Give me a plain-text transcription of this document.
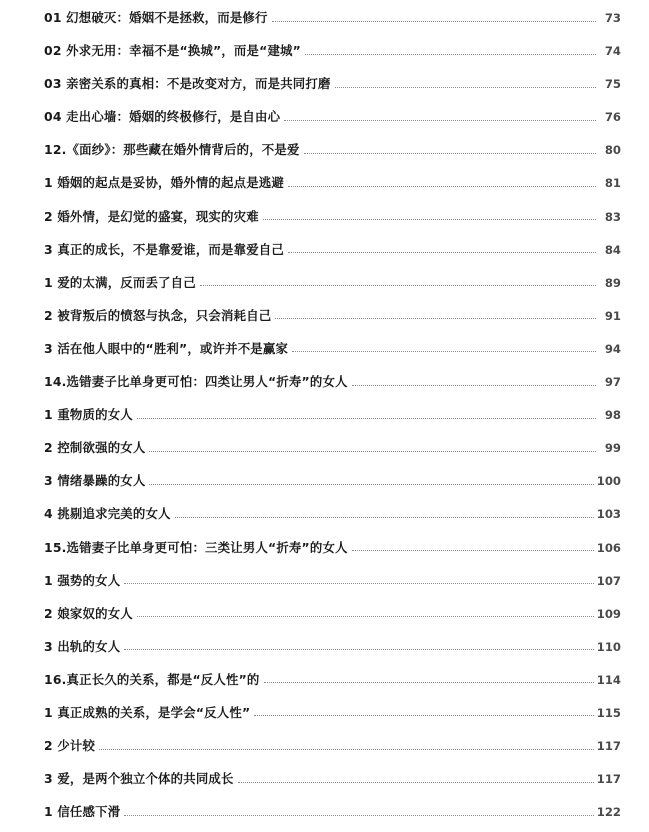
01 幻想破灭：婚姻不是拯救，而是修行	73
02 外求无用：幸福不是“换城”，而是“建城”	74
03 亲密关系的真相：不是改变对方，而是共同打磨	75
04 走出心墙：婚姻的终极修行，是自由心	76
12.《面纱》：那些藏在婚外情背后的，不是爱	80
1 婚姻的起点是妥协，婚外情的起点是逃避	81
2 婚外情，是幻觉的盛宴，现实的灾难	83
3 真正的成长，不是靠爱谁，而是靠爱自己	84
1 爱的太满，反而丢了自己	89
2 被背叛后的愤怒与执念，只会消耗自己	91
3 活在他人眼中的“胜利”，或许并不是赢家	94
14.选错妻子比单身更可怕：四类让男人“折寿”的女人	97
1 重物质的女人	98
2 控制欲强的女人	99
3 情绪暴躁的女人	100
4 挑剔追求完美的女人	103
15.选错妻子比单身更可怕：三类让男人“折寿”的女人	106
1 强势的女人	107
2 娘家奴的女人	109
3 出轨的女人	110
16.真正长久的关系，都是“反人性”的	114
1 真正成熟的关系，是学会“反人性”	115
2 少计较	117
3 爱，是两个独立个体的共同成长	117
1 信任感下滑	122
